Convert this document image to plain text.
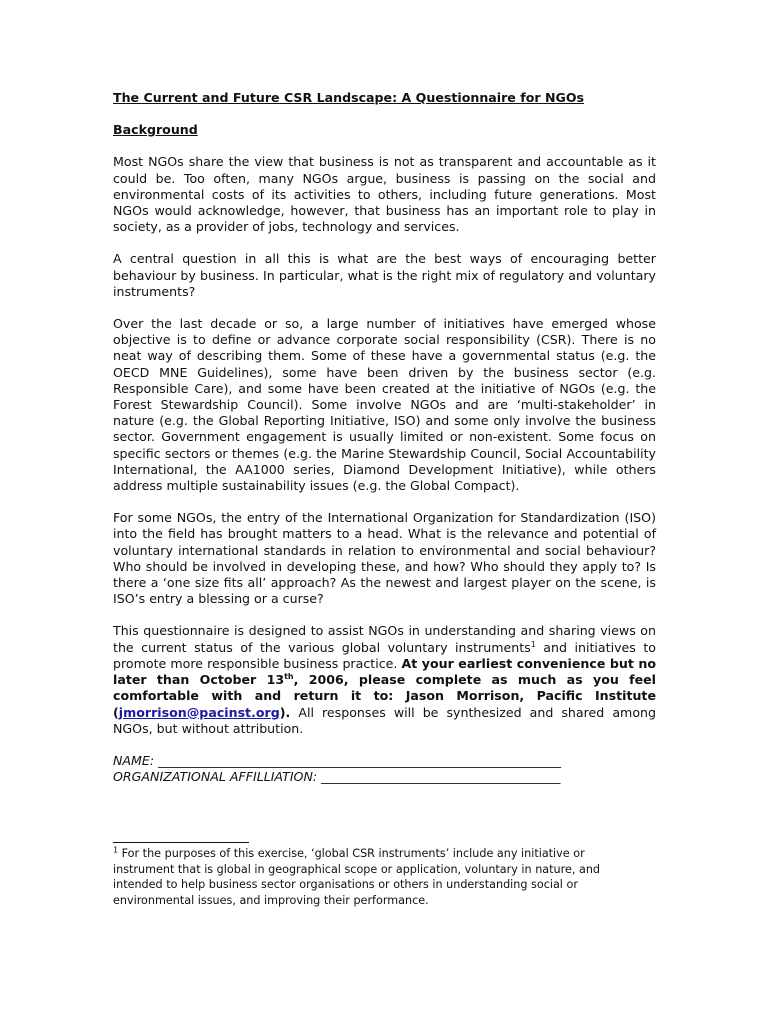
The Current and Future CSR Landscape: A Questionnaire for NGOs
Background

Most NGOs share the view that business is not as transparent and accountable as it could be. Too often, many NGOs argue, business is passing on the social and environmental costs of its activities to others, including future generations. Most NGOs would acknowledge, however, that business has an important role to play in society, as a provider of jobs, technology and services.

A central question in all this is what are the best ways of encouraging better behaviour by business. In particular, what is the right mix of regulatory and voluntary instruments?

Over the last decade or so, a large number of initiatives have emerged whose objective is to define or advance corporate social responsibility (CSR). There is no neat way of describing them. Some of these have a governmental status (e.g. the OECD MNE Guidelines), some have been driven by the business sector (e.g. Responsible Care), and some have been created at the initiative of NGOs (e.g. the Forest Stewardship Council). Some involve NGOs and are ‘multi-stakeholder’ in nature (e.g. the Global Reporting Initiative, ISO) and some only involve the business sector. Government engagement is usually limited or non-existent. Some focus on specific sectors or themes (e.g. the Marine Stewardship Council, Social Accountability International, the AA1000 series, Diamond Development Initiative), while others address multiple sustainability issues (e.g. the Global Compact).

For some NGOs, the entry of the International Organization for Standardization (ISO) into the field has brought matters to a head. What is the relevance and potential of voluntary international standards in relation to environmental and social behaviour? Who should be involved in developing these, and how? Who should they apply to? Is there a ‘one size fits all’ approach? As the newest and largest player on the scene, is ISO’s entry a blessing or a curse?

This questionnaire is designed to assist NGOs in understanding and sharing views on the current status of the various global voluntary instruments$^1$ and initiatives to promote more responsible business practice. At your earliest convenience but no later than October 13th, 2006, please complete as much as you feel comfortable with and return it to: Jason Morrison, Pacific Institute (jmorrison@pacinst.org). All responses will be synthesized and shared among NGOs, but without attribution.

NAME: ________________________________________________________________
ORGANIZATIONAL AFFILLIATION: ______________________________________
$^1$ For the purposes of this exercise, ‘global CSR instruments’ include any initiative or instrument that is global in geographical scope or application, voluntary in nature, and intended to help business sector organisations or others in understanding social or environmental issues, and improving their performance.
